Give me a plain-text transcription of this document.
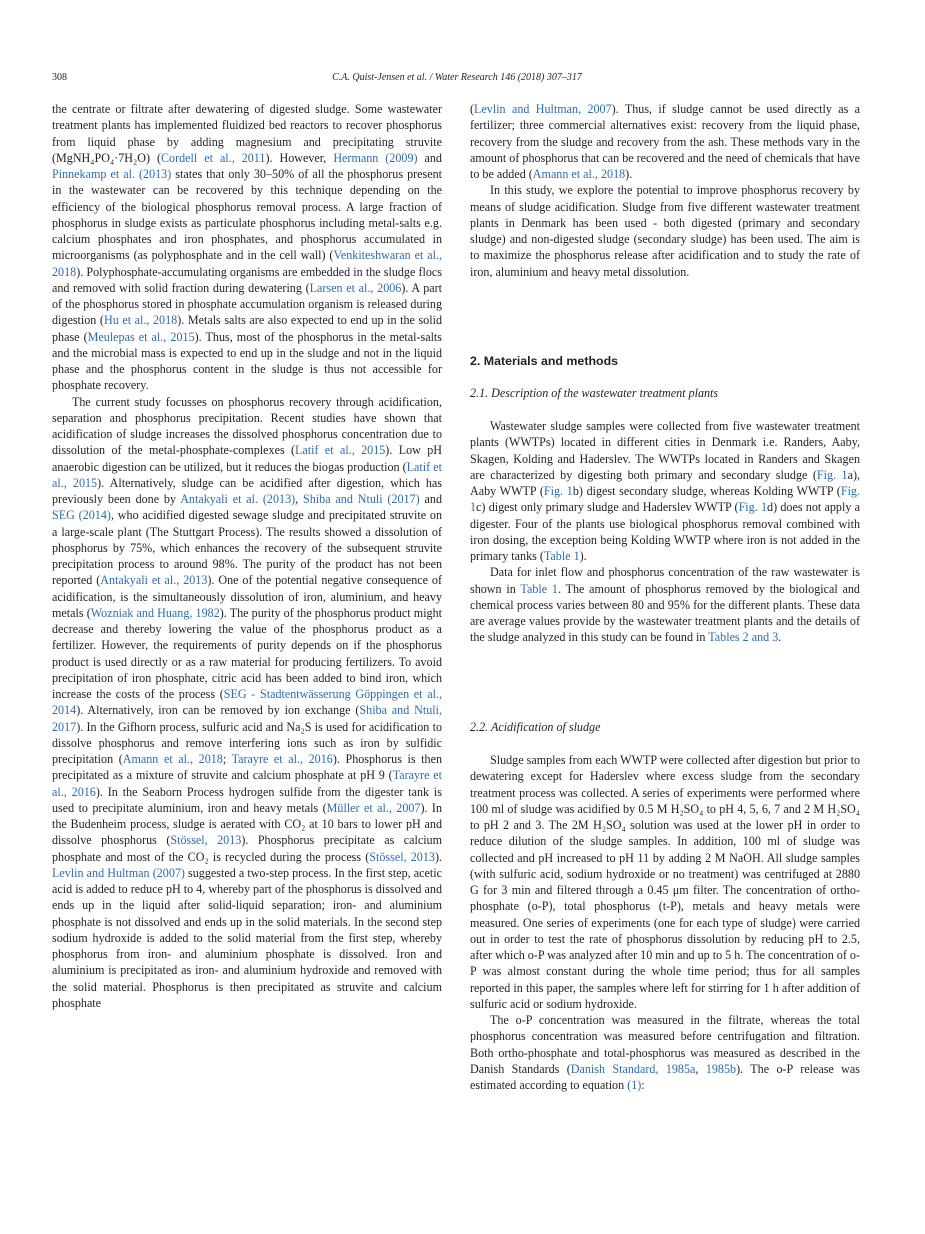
308	C.A. Quist-Jensen et al. / Water Research 146 (2018) 307–317

the centrate or filtrate after dewatering of digested sludge. Some wastewater treatment plants has implemented fluidized bed reactors to recover phosphorus from liquid phase by adding magnesium and precipitating struvite (MgNH₄PO₄·7H₂O) (Cordell et al., 2011). However, Hermann (2009) and Pinnekamp et al. (2013) states that only 30–50% of all the phosphorus present in the wastewater can be recovered by this technique depending on the efficiency of the biological phosphorus removal process. A large fraction of phosphorus in sludge exists as particulate phosphorus including metal-salts e.g. calcium phosphates and iron phosphates, and phosphorus accumulated in microorganisms (as polyphosphate and in the cell wall) (Venkiteshwaran et al., 2018). Polyphosphate-accumulating organisms are embedded in the sludge flocs and removed with solid fraction during dewatering (Larsen et al., 2006). A part of the phosphorus stored in phosphate accumulation organism is released during digestion (Hu et al., 2018). Metals salts are also expected to end up in the solid phase (Meulepas et al., 2015). Thus, most of the phosphorus in the metal-salts and the microbial mass is expected to end up in the sludge and not in the liquid phase and the phosphorus content in the sludge is thus not accessible for phosphate recovery.

The current study focusses on phosphorus recovery through acidification, separation and phosphorus precipitation. Recent studies have shown that acidification of sludge increases the dissolved phosphorus concentration due to dissolution of the metal-phosphate-complexes (Latif et al., 2015). Low pH anaerobic digestion can be utilized, but it reduces the biogas production (Latif et al., 2015). Alternatively, sludge can be acidified after digestion, which has previously been done by Antakyali et al. (2013), Shiba and Ntuli (2017) and SEG (2014), who acidified digested sewage sludge and precipitated struvite on a large-scale plant (The Stuttgart Process). The results showed a dissolution of phosphorus by 75%, which enhances the recovery of the subsequent struvite precipitation process to around 98%. The purity of the product has not been reported (Antakyali et al., 2013). One of the potential negative consequence of acidification, is the simultaneously dissolution of iron, aluminium, and heavy metals (Wozniak and Huang, 1982). The purity of the phosphorus product might decrease and thereby lowering the value of the phosphorus product as a fertilizer. However, the requirements of purity depends on if the phosphorus product is used directly or as a raw material for producing fertilizers. To avoid precipitation of iron phosphate, citric acid has been added to bind iron, which increase the costs of the process (SEG - Stadtentwässerung Göppingen et al., 2014). Alternatively, iron can be removed by ion exchange (Shiba and Ntuli, 2017). In the Gifhorn process, sulfuric acid and Na₂S is used for acidification to dissolve phosphorus and remove interfering ions such as iron by sulfidic precipitation (Amann et al., 2018; Tarayre et al., 2016). Phosphorus is then precipitated as a mixture of struvite and calcium phosphate at pH 9 (Tarayre et al., 2016). In the Seaborn Process hydrogen sulfide from the digester tank is used to precipitate aluminium, iron and heavy metals (Müller et al., 2007). In the Budenheim process, sludge is aerated with CO₂ at 10 bars to lower pH and dissolve phosphorus (Stössel, 2013). Phosphorus precipitate as calcium phosphate and most of the CO₂ is recycled during the process (Stössel, 2013). Levlin and Hultman (2007) suggested a two-step process. In the first step, acetic acid is added to reduce pH to 4, whereby part of the phosphorus is dissolved and ends up in the liquid after solid-liquid separation; iron- and aluminium phosphate is not dissolved and ends up in the solid materials. In the second step sodium hydroxide is added to the solid material from the first step, whereby phosphorus from iron- and aluminium phosphate is dissolved. Iron and aluminium is precipitated as iron- and aluminium hydroxide and removed with the solid material. Phosphorus is then precipitated as struvite and calcium phosphate

(Levlin and Hultman, 2007). Thus, if sludge cannot be used directly as a fertilizer; three commercial alternatives exist: recovery from the liquid phase, recovery from the sludge and recovery from the ash. These methods vary in the amount of phosphorus that can be recovered and the need of chemicals that have to be added (Amann et al., 2018).

In this study, we explore the potential to improve phosphorus recovery by means of sludge acidification. Sludge from five different wastewater treatment plants in Denmark has been used - both digested (primary and secondary sludge) and non-digested sludge (secondary sludge) has been used. The aim is to maximize the phosphorus release after acidification and to study the rate of iron, aluminium and heavy metal dissolution.

2. Materials and methods
2.1. Description of the wastewater treatment plants

Wastewater sludge samples were collected from five wastewater treatment plants (WWTPs) located in different cities in Denmark i.e. Randers, Aaby, Skagen, Kolding and Haderslev. The WWTPs located in Randers and Skagen are characterized by digesting both primary and secondary sludge (Fig. 1a), Aaby WWTP (Fig. 1b) digest secondary sludge, whereas Kolding WWTP (Fig. 1c) digest only primary sludge and Haderslev WWTP (Fig. 1d) does not apply a digester. Four of the plants use biological phosphorus removal combined with iron dosing, the exception being Kolding WWTP where iron is not added in the primary tanks (Table 1).

Data for inlet flow and phosphorus concentration of the raw wastewater is shown in Table 1. The amount of phosphorus removed by the biological and chemical process varies between 80 and 95% for the different plants. These data are average values provide by the wastewater treatment plants and the details of the sludge analyzed in this study can be found in Tables 2 and 3.

2.2. Acidification of sludge

Sludge samples from each WWTP were collected after digestion but prior to dewatering except for Haderslev where excess sludge from the secondary treatment process was collected. A series of experiments were performed where 100 ml of sludge was acidified by 0.5 M H₂SO₄ to pH 4, 5, 6, 7 and 2 M H₂SO₄ to pH 2 and 3. The 2M H₂SO₄ solution was used at the lower pH in order to reduce dilution of the sludge samples. In addition, 100 ml of sludge was collected and pH increased to pH 11 by adding 2 M NaOH. All sludge samples (with sulfuric acid, sodium hydroxide or no treatment) was centrifuged at 2880 G for 3 min and filtered through a 0.45 μm filter. The concentration of ortho-phosphate (o-P), total phosphorus (t-P), metals and heavy metals were measured. One series of experiments (one for each type of sludge) were carried out in order to test the rate of phosphorus dissolution by reducing pH to 2.5, after which o-P was analyzed after 10 min and up to 5 h. The concentration of o-P was almost constant during the whole time period; thus for all samples reported in this paper, the samples where left for stirring for 1 h after addition of sulfuric acid or sodium hydroxide.

The o-P concentration was measured in the filtrate, whereas the total phosphorus concentration was measured before centrifugation and filtration. Both ortho-phosphate and total-phosphorus was measured as described in the Danish Standards (Danish Standard, 1985a, 1985b). The o-P release was estimated according to equation (1):
